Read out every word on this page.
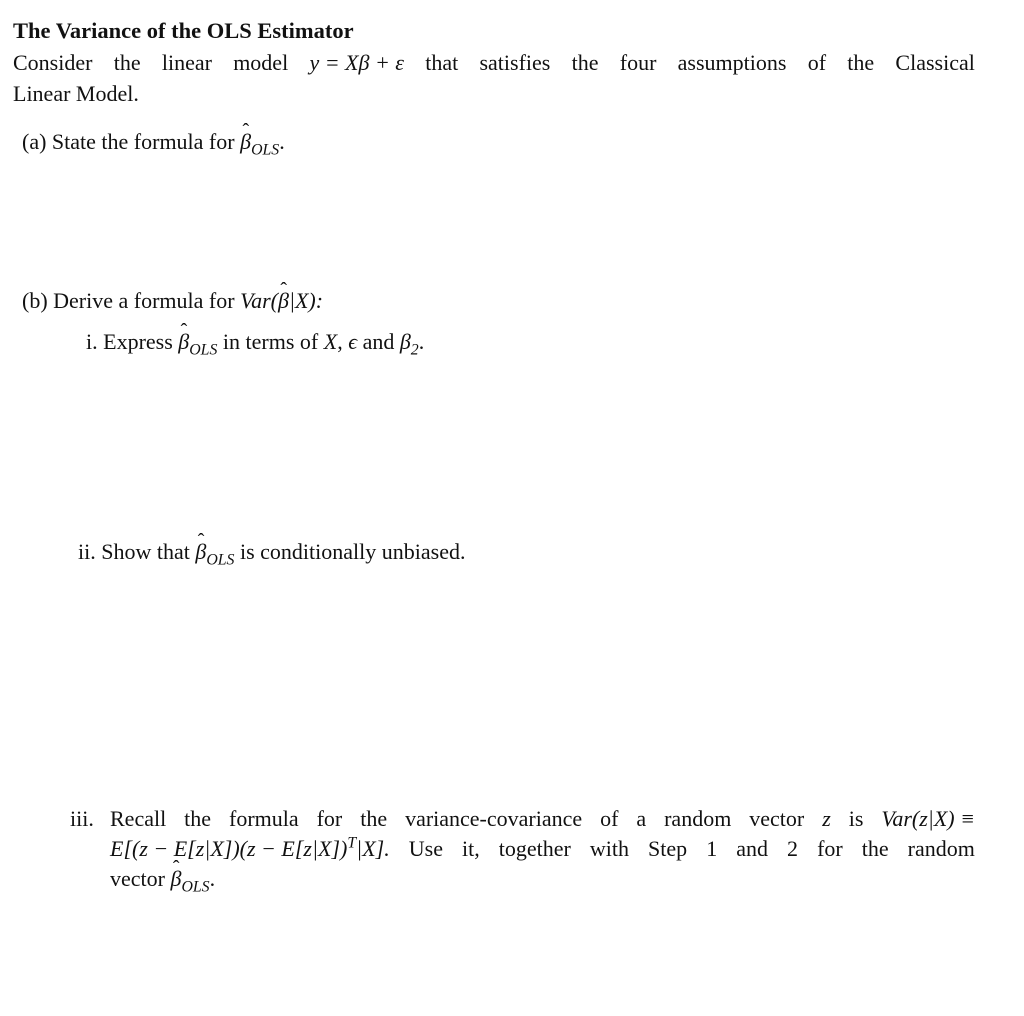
The Variance of the OLS Estimator
Consider the linear model y = Xβ + ε that satisfies the four assumptions of the Classical
Linear Model.
(a) State the formula for ˆ $\beta_{OLS}$.
(b) Derive a formula for Var(ˆ β|X):
i. Express ˆ $\beta_{OLS}$ in terms of X, ϵ and $\beta_2$.
ii. Show that ˆ $\beta_{OLS}$ is conditionally unbiased.
iii. Recall the formula for the variance-covariance of a random vector z is Var(z|X) ≡
$E[(z - E[z|X])(z - E[z|X])^T|X]$. Use it, together with Step 1 and 2 for the random
vector ˆ $\beta_{OLS}$.
